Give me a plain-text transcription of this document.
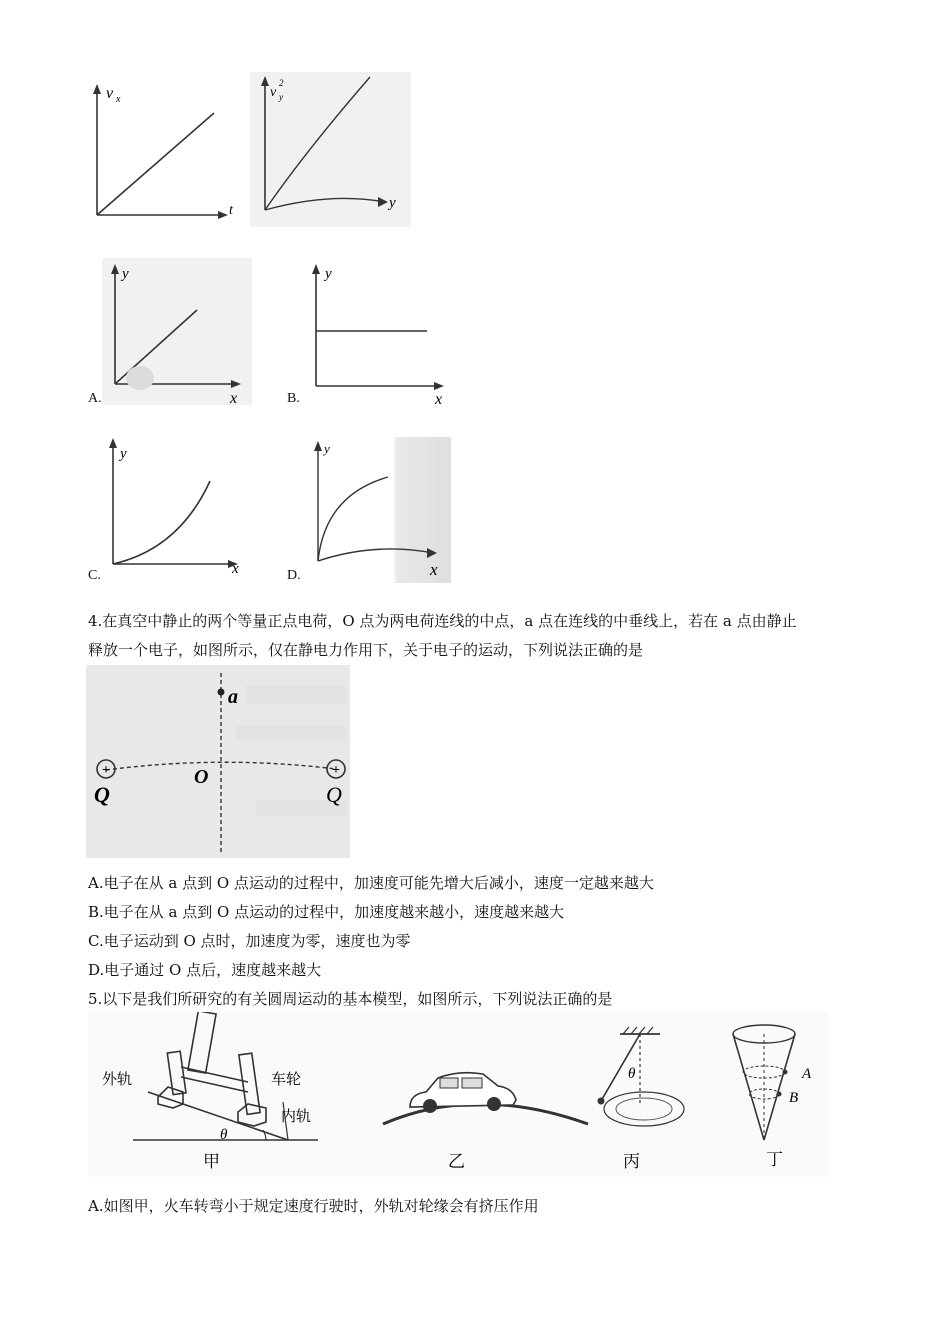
v x
t
v
2
y
y
A.
y
x	B.
y
x
C.
y
x	D.
y
x
4.在真空中静止的两个等量正点电荷，O 点为两电荷连线的中点，a 点在连线的中垂线上，若在 a 点由静止
释放一个电子，如图所示，仅在静电力作用下，关于电子的运动，下列说法正确的是
a
O
+
Q
+
Q
A.电子在从 a 点到 O 点运动的过程中，加速度可能先增大后减小，速度一定越来越大
B.电子在从 a 点到 O 点运动的过程中，加速度越来越小，速度越来越大
C.电子运动到 O 点时，加速度为零，速度也为零
D.电子通过 O 点后，速度越来越大
5.以下是我们所研究的有关圆周运动的基本模型，如图所示，下列说法正确的是
外轨	车轮
内轨
θ
甲	乙
θ
丙
A
B
丁
A.如图甲，火车转弯小于规定速度行驶时，外轨对轮缘会有挤压作用
